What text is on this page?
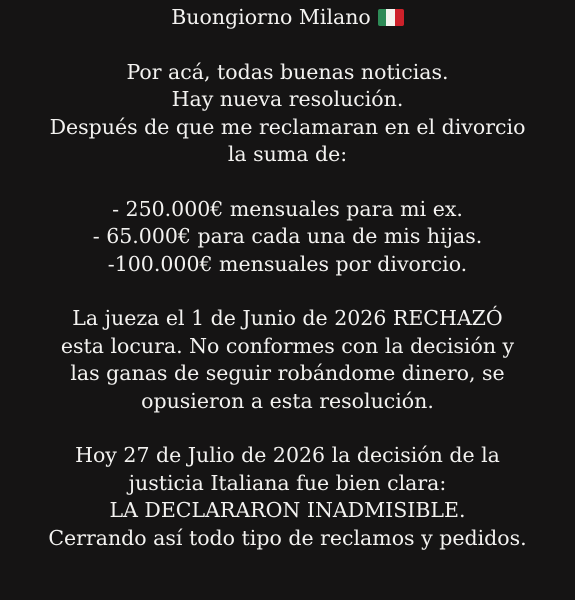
Buongiorno Milano
Por acá, todas buenas noticias.
Hay nueva resolución.
Después de que me reclamaran en el divorcio
la suma de:
- 250.000€ mensuales para mi ex.
- 65.000€ para cada una de mis hijas.
-100.000€ mensuales por divorcio.
La jueza el 1 de Junio de 2026 RECHAZÓ
esta locura. No conformes con la decisión y
las ganas de seguir robándome dinero, se
opusieron a esta resolución.
Hoy 27 de Julio de 2026 la decisión de la
justicia Italiana fue bien clara:
LA DECLARARON INADMISIBLE.
Cerrando así todo tipo de reclamos y pedidos.
